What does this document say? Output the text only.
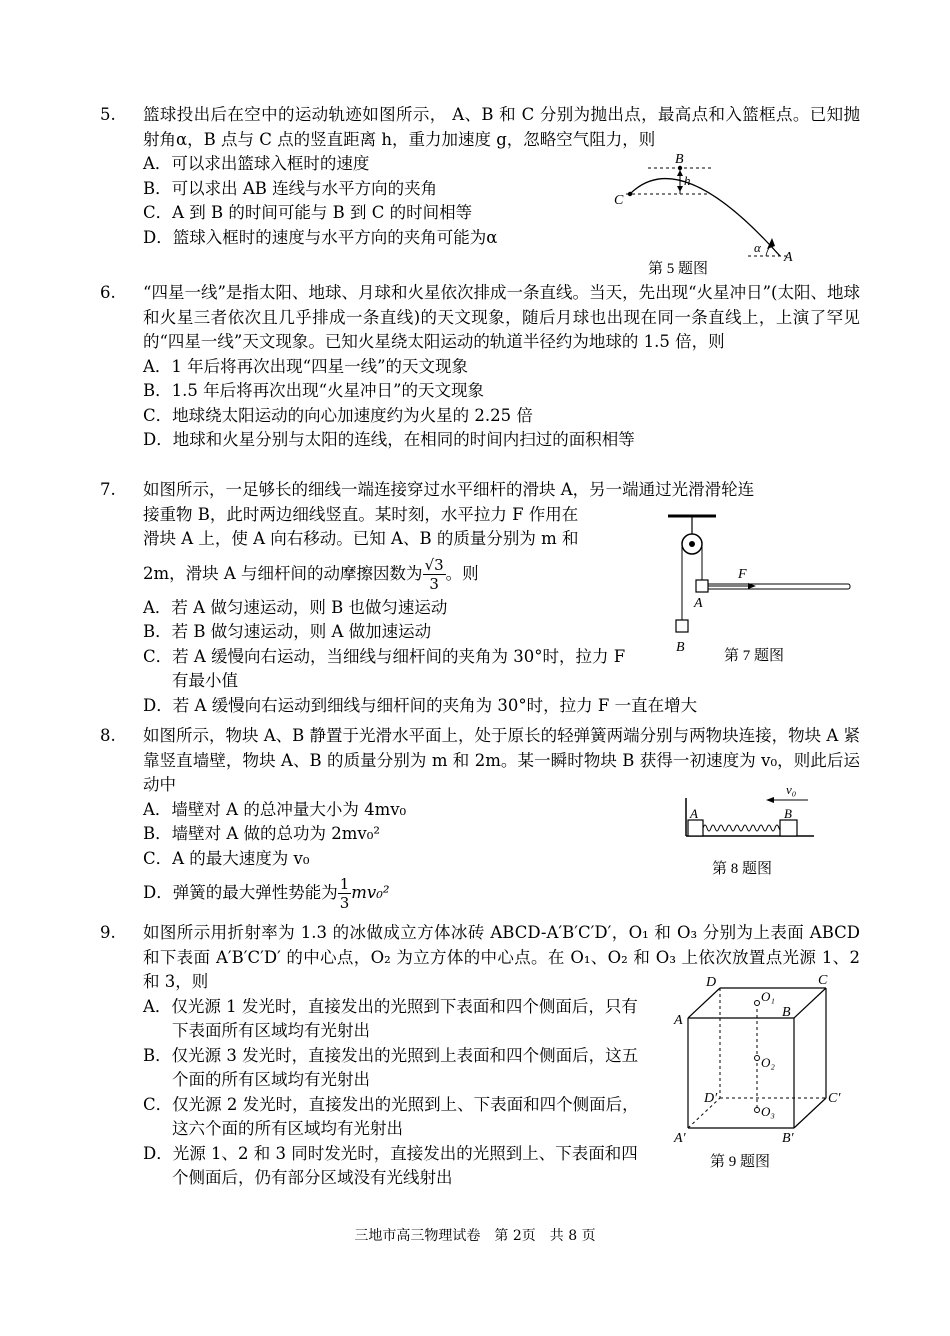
5.	篮球投出后在空中的运动轨迹如图所示， A、B 和 C 分别为抛出点，最高点和入篮框点。已知抛射角α，B 点与 C 点的竖直距离 h，重力加速度 g，忽略空气阻力，则
A．可以求出篮球入框时的速度
B．可以求出 AB 连线与水平方向的夹角
C．A 到 B 的时间可能与 B 到 C 的时间相等
D．篮球入框时的速度与水平方向的夹角可能为α
B
C
h
A
α
第 5 题图
6.	“四星一线”是指太阳、地球、月球和火星依次排成一条直线。当天，先出现“火星冲日”(太阳、地球和火星三者依次且几乎排成一条直线)的天文现象，随后月球也出现在同一条直线上，上演了罕见的“四星一线”天文现象。已知火星绕太阳运动的轨道半径约为地球的 1.5 倍，则
A．1 年后将再次出现“四星一线”的天文现象
B．1.5 年后将再次出现“火星冲日”的天文现象
C．地球绕太阳运动的向心加速度约为火星的 2.25 倍
D．地球和火星分别与太阳的连线，在相同的时间内扫过的面积相等
7.	如图所示，一足够长的细线一端连接穿过水平细杆的滑块 A，另一端通过光滑滑轮连
接重物 B，此时两边细线竖直。某时刻，水平拉力 F 作用在
滑块 A 上，使 A 向右移动。已知 A、B 的质量分别为 m 和
2m，滑块 A 与细杆间的动摩擦因数为 $\frac{√3}{3}$ 。则
A．若 A 做匀速运动，则 B 也做匀速运动
B．若 B 做匀速运动，则 A 做加速运动
C．若 A 缓慢向右运动，当细线与细杆间的夹角为 30°时，拉力 F 有最小值
D．若 A 缓慢向右运动到细线与细杆间的夹角为 30°时，拉力 F 一直在增大
F
A
B
第 7 题图
8.	如图所示，物块 A、B 静置于光滑水平面上，处于原长的轻弹簧两端分别与两物块连接，物块 A 紧靠竖直墙壁，物块 A、B 的质量分别为 m 和 2m。某一瞬时物块 B 获得一初速度为 v₀，则此后运动中
A．墙壁对 A 的总冲量大小为 4mv₀
B．墙壁对 A 做的总功为 2mv₀²
C．A 的最大速度为 v₀
D．弹簧的最大弹性势能为 $\frac{1}{3} mv_0^2$
v₀
A	B
第 8 题图
9.	如图所示用折射率为 1.3 的冰做成立方体冰砖 ABCD-A′B′C′D′，O₁ 和 O₃ 分别为上表面 ABCD 和下表面 A′B′C′D′ 的中心点，O₂ 为立方体的中心点。在 O₁、O₂ 和 O₃ 上依次放置点光源 1、2 和 3，则
A．仅光源 1 发光时，直接发出的光照到下表面和四个侧面后，只有下表面所有区域均有光射出
B．仅光源 3 发光时，直接发出的光照到上表面和四个侧面后，这五个面的所有区域均有光射出
C．仅光源 2 发光时，直接发出的光照到上、下表面和四个侧面后，这六个面的所有区域均有光射出
D．光源 1、2 和 3 同时发光时，直接发出的光照到上、下表面和四个侧面后，仍有部分区域没有光线射出
D	C
A
B
O₁
O₂
O₃
D′	C′
A′	B′
第 9 题图
三地市高三物理试卷　第 2页　共 8 页
